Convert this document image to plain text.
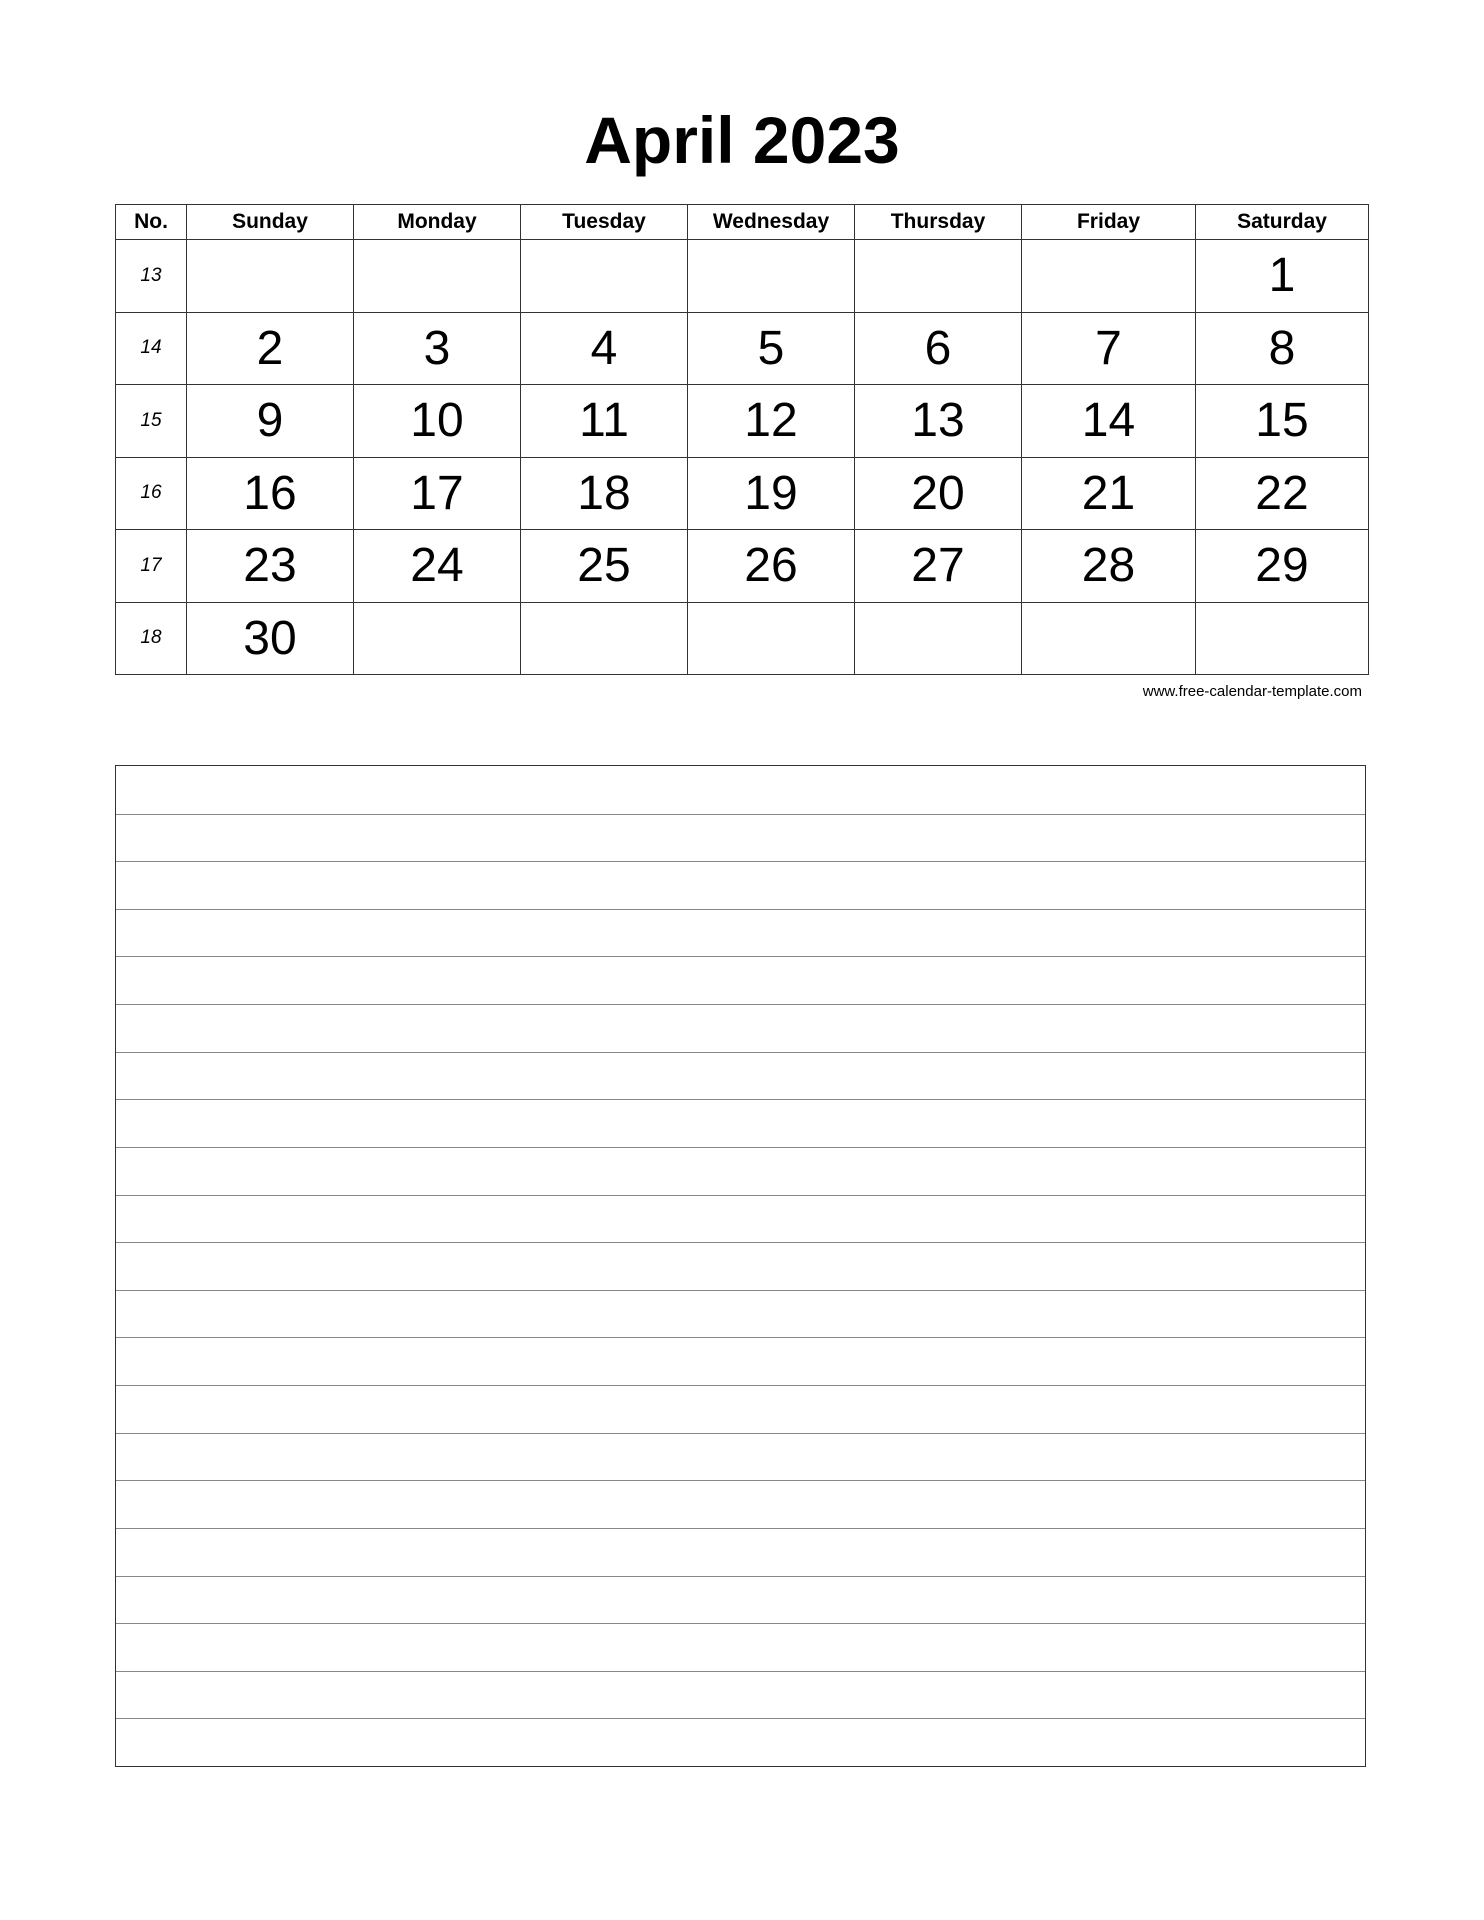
April 2023
No.	Sunday	Monday	Tuesday	Wednesday	Thursday	Friday	Saturday
13							1
14	2	3	4	5	6	7	8
15	9	10	11	12	13	14	15
16	16	17	18	19	20	21	22
17	23	24	25	26	27	28	29
18	30						
www.free-calendar-template.com
